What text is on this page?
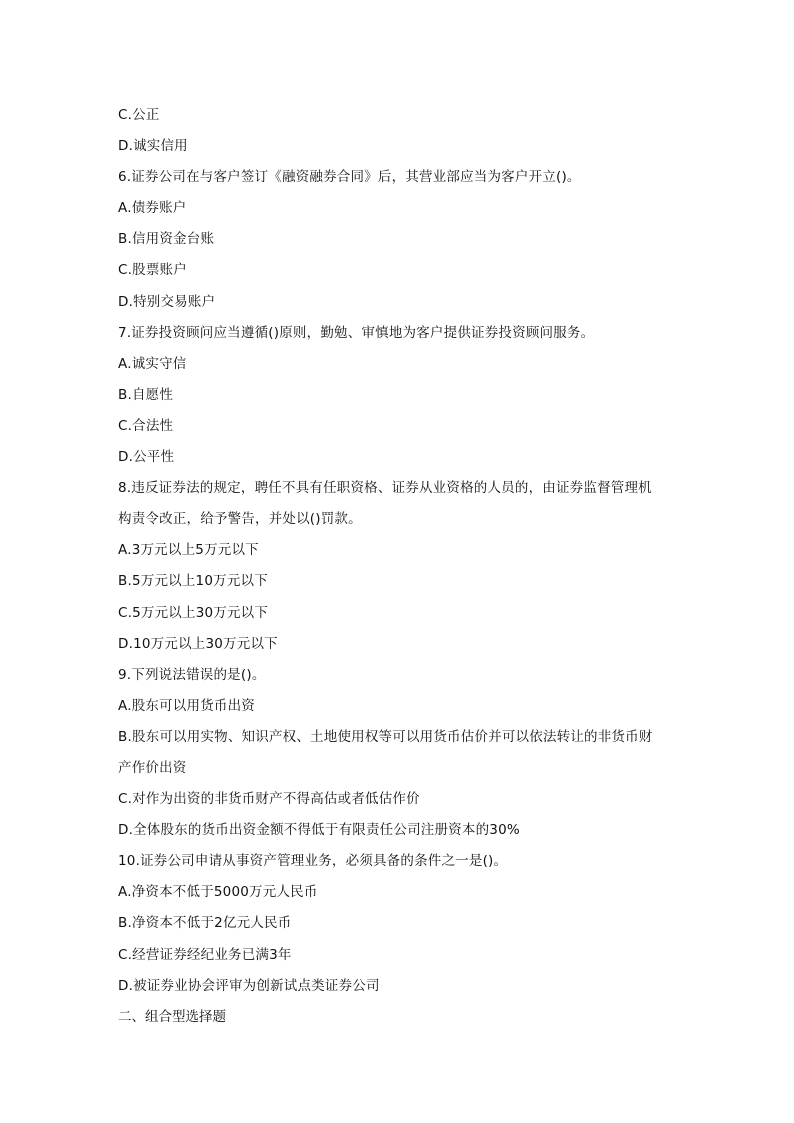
C.公正
D.诚实信用
6.证券公司在与客户签订《融资融券合同》后，其营业部应当为客户开立()。
A.债券账户
B.信用资金台账
C.股票账户
D.特别交易账户
7.证券投资顾问应当遵循()原则，勤勉、审慎地为客户提供证券投资顾问服务。
A.诚实守信
B.自愿性
C.合法性
D.公平性
8.违反证券法的规定，聘任不具有任职资格、证券从业资格的人员的，由证券监督管理机
构责令改正，给予警告，并处以()罚款。
A.3万元以上5万元以下
B.5万元以上10万元以下
C.5万元以上30万元以下
D.10万元以上30万元以下
9.下列说法错误的是()。
A.股东可以用货币出资
B.股东可以用实物、知识产权、土地使用权等可以用货币估价并可以依法转让的非货币财
产作价出资
C.对作为出资的非货币财产不得高估或者低估作价
D.全体股东的货币出资金额不得低于有限责任公司注册资本的30%
10.证券公司申请从事资产管理业务，必须具备的条件之一是()。
A.净资本不低于5000万元人民币
B.净资本不低于2亿元人民币
C.经营证券经纪业务已满3年
D.被证券业协会评审为创新试点类证券公司
二、组合型选择题
